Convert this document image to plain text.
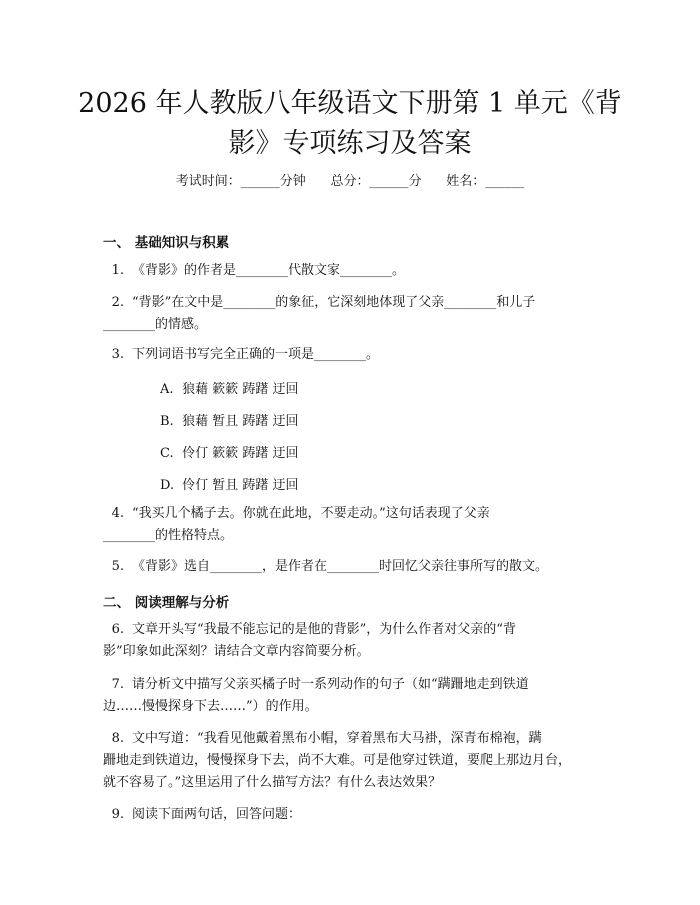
2026 年人教版八年级语文下册第 1 单元《背
影》专项练习及答案
考试时间：______分钟      总分：______分      姓名：______
一、 基础知识与积累
1. 《背影》的作者是________代散文家________。
2. “背影”在文中是________的象征，它深刻地体现了父亲________和儿子
________的情感。
3. 下列词语书写完全正确的一项是________。
A. 狼藉 簌簌 踌躇 迂回
B. 狼藉 暂且 踌躇 迂回
C. 伶仃 簌簌 踌躇 迂回
D. 伶仃 暂且 踌躇 迂回
4. “我买几个橘子去。你就在此地，不要走动。”这句话表现了父亲
________的性格特点。
5. 《背影》选自________，是作者在________时回忆父亲往事所写的散文。
二、 阅读理解与分析
6. 文章开头写“我最不能忘记的是他的背影”，为什么作者对父亲的“背
影”印象如此深刻？请结合文章内容简要分析。
7. 请分析文中描写父亲买橘子时一系列动作的句子（如“蹒跚地走到铁道
边……慢慢探身下去……”）的作用。
8. 文中写道：“我看见他戴着黑布小帽，穿着黑布大马褂，深青布棉袍，蹒
跚地走到铁道边，慢慢探身下去，尚不大难。可是他穿过铁道，要爬上那边月台，
就不容易了。”这里运用了什么描写方法？有什么表达效果？
9. 阅读下面两句话，回答问题：
